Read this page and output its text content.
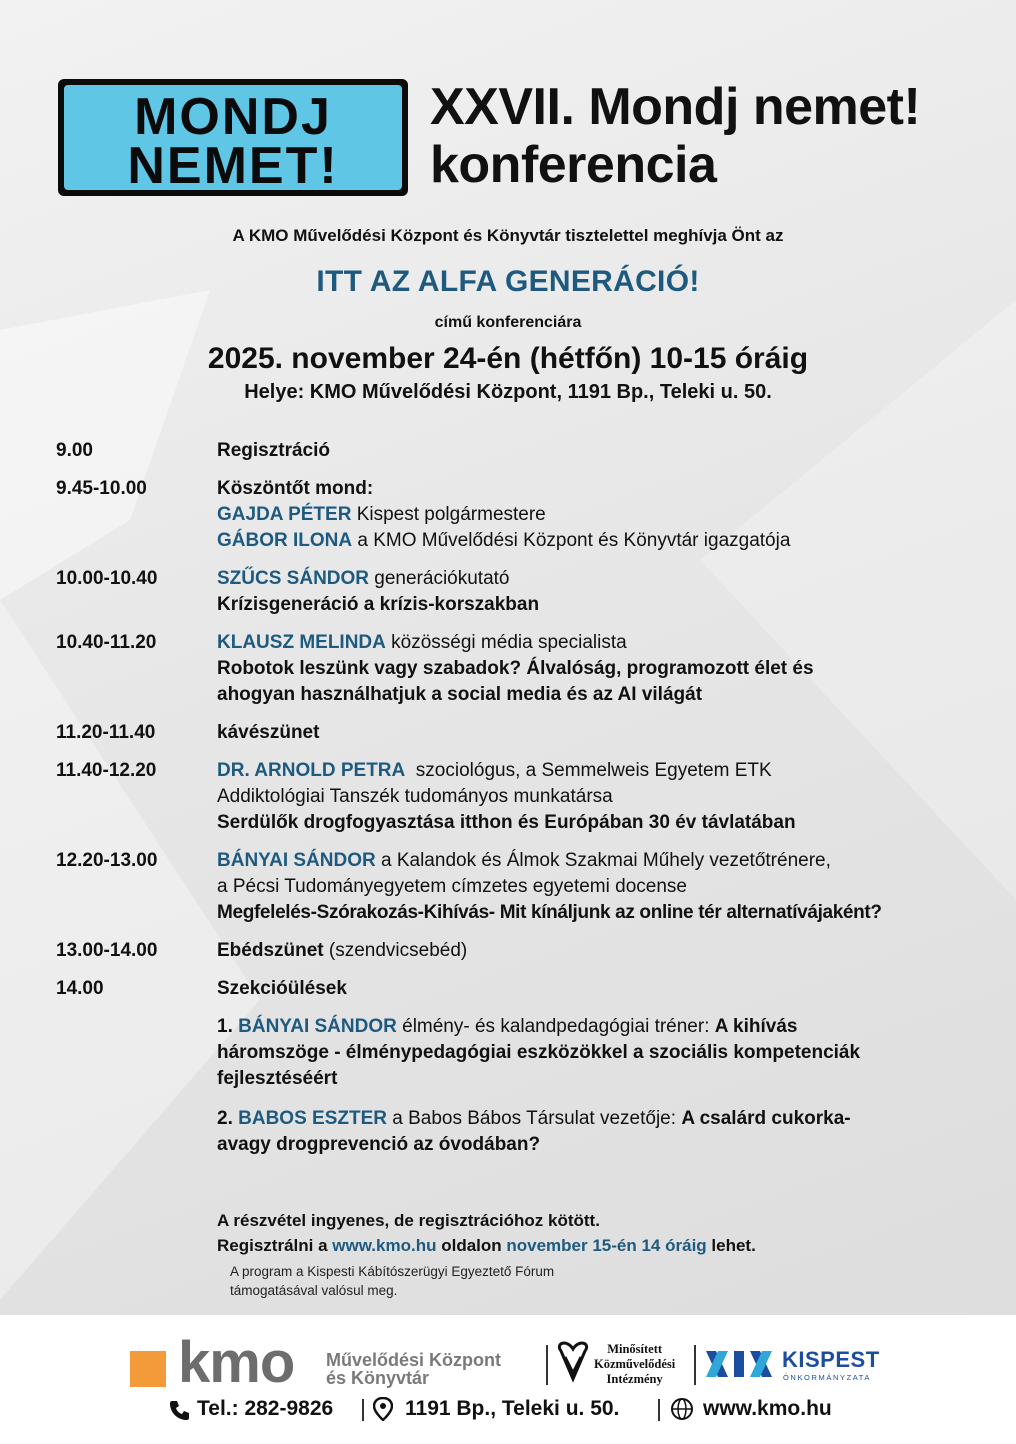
MONDJ
NEMET!
XXVII. Mondj nemet!
konferencia
A KMO Művelődési Központ és Könyvtár tisztelettel meghívja Önt az
ITT AZ ALFA GENERÁCIÓ!
című konferenciára
2025. november 24-én (hétfőn) 10-15 óráig
Helye: KMO Művelődési Központ, 1191 Bp., Teleki u. 50.
9.00	Regisztráció
9.45-10.00	Köszöntőt mond:
GAJDA PÉTER Kispest polgármestere
GÁBOR ILONA a KMO Művelődési Központ és Könyvtár igazgatója
10.00-10.40	SZŰCS SÁNDOR generációkutató
Krízisgeneráció a krízis-korszakban
10.40-11.20	KLAUSZ MELINDA közösségi média specialista
Robotok leszünk vagy szabadok? Álvalóság, programozott élet és
ahogyan használhatjuk a social media és az AI világát
11.20-11.40	kávészünet
11.40-12.20	DR. ARNOLD PETRA  szociológus, a Semmelweis Egyetem ETK
Addiktológiai Tanszék tudományos munkatársa
Serdülők drogfogyasztása itthon és Európában 30 év távlatában
12.20-13.00	BÁNYAI SÁNDOR a Kalandok és Álmok Szakmai Műhely vezetőtrénere,
a Pécsi Tudományegyetem címzetes egyetemi docense
Megfelelés-Szórakozás-Kihívás- Mit kínáljunk az online tér alternatívájaként?
13.00-14.00	Ebédszünet (szendvicsebéd)
14.00	Szekcióülések
1. BÁNYAI SÁNDOR élmény- és kalandpedagógiai tréner: A kihívás
háromszöge - élménypedagógiai eszközökkel a szociális kompetenciák
fejlesztéséért
2. BABOS ESZTER a Babos Bábos Társulat vezetője: A csalárd cukorka-
avagy drogprevenció az óvodában?
A részvétel ingyenes, de regisztrációhoz kötött.
Regisztrálni a www.kmo.hu oldalon november 15-én 14 óráig lehet.
A program a Kispesti Kábítószerügyi Egyeztető Fórum
támogatásával valósul meg.
kmo Művelődési Központ
és Könyvtár
Minősített
Közművelődési
Intézmény
KISPEST
ÖNKORMÁNYZATA
Tel.: 282-9826	1191 Bp., Teleki u. 50.	www.kmo.hu
